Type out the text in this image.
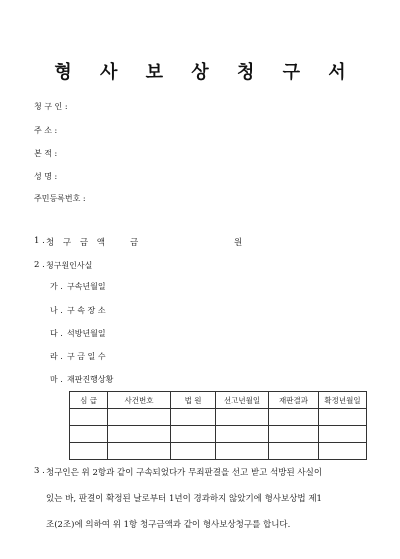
형 사 보 상 청 구 서
청 구 인 :
주 소 :
본 적 :
성 명 :
주민등록번호 :
1 . 청 구 금 액	금	원
2 . 청구원인사실
가 . 구속년월일
나 . 구 속 장 소
다 . 석방년월일
라 . 구 금 일 수
마 . 재판진행상황
심 급	사건번호	법 원	선고년월일	재판결과	확정년월일

3 . 청구인은 위 2항과 같이 구속되었다가 무죄판결을 선고 받고 석방된 사실이
있는 바, 판결이 확정된 날로부터 1년이 경과하지 않았기에 형사보상법 제1
조(2조)에 의하여 위 1항 청구금액과 같이 형사보상청구를 합니다.
